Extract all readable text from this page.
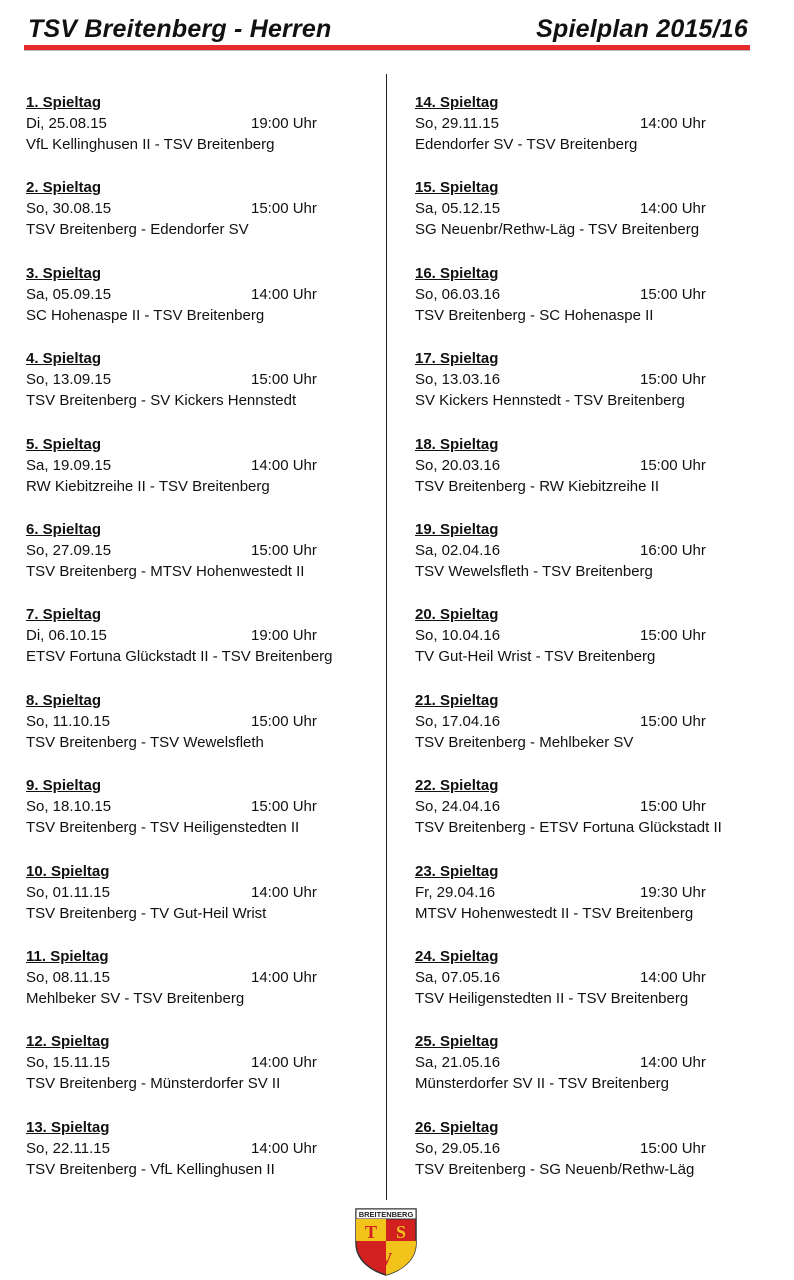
TSV Breitenberg - Herren	Spielplan 2015/16
1. Spieltag
Di, 25.08.15	19:00 Uhr
VfL Kellinghusen II - TSV Breitenberg
2. Spieltag
So, 30.08.15	15:00 Uhr
TSV Breitenberg - Edendorfer SV
3. Spieltag
Sa, 05.09.15	14:00 Uhr
SC Hohenaspe II - TSV Breitenberg
4. Spieltag
So, 13.09.15	15:00 Uhr
TSV Breitenberg - SV Kickers Hennstedt
5. Spieltag
Sa, 19.09.15	14:00 Uhr
RW Kiebitzreihe II - TSV Breitenberg
6. Spieltag
So, 27.09.15	15:00 Uhr
TSV Breitenberg - MTSV Hohenwestedt II
7. Spieltag
Di, 06.10.15	19:00 Uhr
ETSV Fortuna Glückstadt II - TSV Breitenberg
8. Spieltag
So, 11.10.15	15:00 Uhr
TSV Breitenberg - TSV Wewelsfleth
9. Spieltag
So, 18.10.15	15:00 Uhr
TSV Breitenberg - TSV Heiligenstedten II
10. Spieltag
So, 01.11.15	14:00 Uhr
TSV Breitenberg - TV Gut-Heil Wrist
11. Spieltag
So, 08.11.15	14:00 Uhr
Mehlbeker SV - TSV Breitenberg
12. Spieltag
So, 15.11.15	14:00 Uhr
TSV Breitenberg - Münsterdorfer SV II
13. Spieltag
So, 22.11.15	14:00 Uhr
TSV Breitenberg - VfL Kellinghusen II
14. Spieltag
So, 29.11.15	14:00 Uhr
Edendorfer SV - TSV Breitenberg
15. Spieltag
Sa, 05.12.15	14:00 Uhr
SG Neuenbr/Rethw-Läg - TSV Breitenberg
16. Spieltag
So, 06.03.16	15:00 Uhr
TSV Breitenberg - SC Hohenaspe II
17. Spieltag
So, 13.03.16	15:00 Uhr
SV Kickers Hennstedt - TSV Breitenberg
18. Spieltag
So, 20.03.16	15:00 Uhr
TSV Breitenberg - RW Kiebitzreihe II
19. Spieltag
Sa, 02.04.16	16:00 Uhr
TSV Wewelsfleth - TSV Breitenberg
20. Spieltag
So, 10.04.16	15:00 Uhr
TV Gut-Heil Wrist - TSV Breitenberg
21. Spieltag
So, 17.04.16	15:00 Uhr
TSV Breitenberg - Mehlbeker SV
22. Spieltag
So, 24.04.16	15:00 Uhr
TSV Breitenberg - ETSV Fortuna Glückstadt II
23. Spieltag
Fr, 29.04.16	19:30 Uhr
MTSV Hohenwestedt II - TSV Breitenberg
24. Spieltag
Sa, 07.05.16	14:00 Uhr
TSV Heiligenstedten II - TSV Breitenberg
25. Spieltag
Sa, 21.05.16	14:00 Uhr
Münsterdorfer SV II - TSV Breitenberg
26. Spieltag
So, 29.05.16	15:00 Uhr
TSV Breitenberg - SG Neuenb/Rethw-Läg
BREITENBERG
T S
V
